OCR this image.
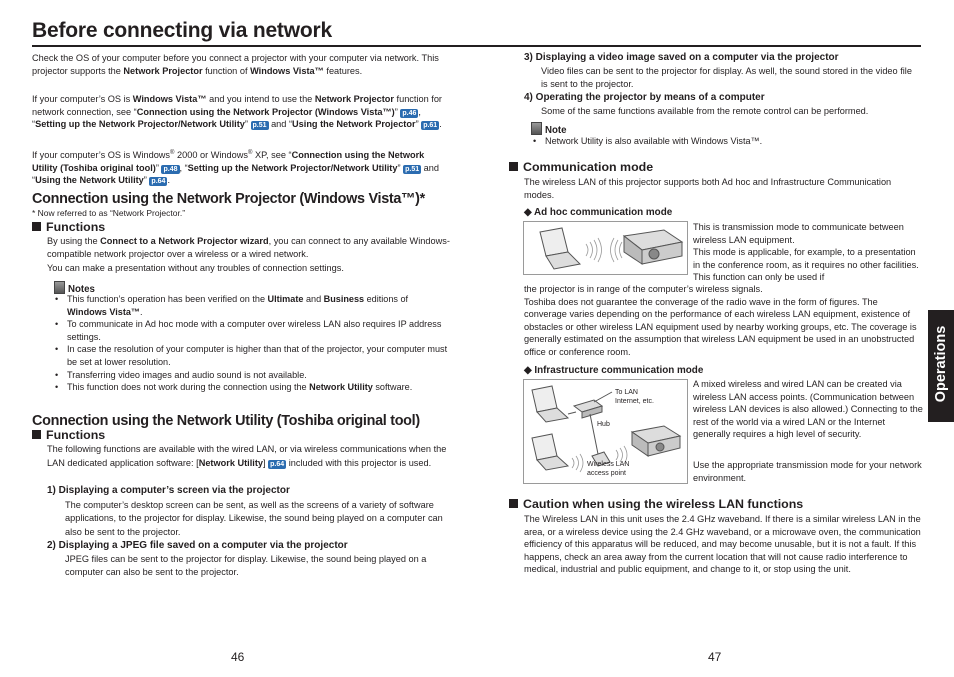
Before connecting via network
Check the OS of your computer before you connect a projector with your computer via network. This projector supports the Network Projector function of Windows Vista™ features.
If your computer’s OS is Windows Vista™ and you intend to use the Network Projector function for network connection, see “Connection using the Network Projector (Windows Vista™)” p.46 , “Setting up the Network Projector/Network Utility” p.51 and “Using the Network Projector” p.61 .
If your computer’s OS is Windows® 2000 or Windows® XP, see “Connection using the Network Utility (Toshiba original tool)” p.48 , “Setting up the Network Projector/Network Utility” p.51 and “Using the Network Utility” p.64 .
Connection using the Network Projector (Windows Vista™)*
* Now referred to as “Network Projector.”
Functions
By using the Connect to a Network Projector wizard, you can connect to any available Windows-compatible network projector over a wireless or a wired network.
You can make a presentation without any troubles of connection settings.
Notes
• This function’s operation has been verified on the Ultimate and Business editions of Windows Vista™.
• To communicate in Ad hoc mode with a computer over wireless LAN also requires IP address settings.
• In case the resolution of your computer is higher than that of the projector, your computer must be set at lower resolution.
• Transferring video images and audio sound is not available.
• This function does not work during the connection using the Network Utility software.
Connection using the Network Utility (Toshiba original tool)
Functions
The following functions are available with the wired LAN, or via wireless communications when the LAN dedicated application software: [Network Utility] p.64 included with this projector is used.
1) Displaying a computer’s screen via the projector
The computer’s desktop screen can be sent, as well as the screens of a variety of software applications, to the projector for display. Likewise, the sound being played on a computer can also be sent to the projector.
2) Displaying a JPEG file saved on a computer via the projector
JPEG files can be sent to the projector for display. Likewise, the sound being played on a computer can also be sent to the projector.
46
3) Displaying a video image saved on a computer via the projector
Video files can be sent to the projector for display. As well, the sound stored in the video file is sent to the projector.
4) Operating the projector by means of a computer
Some of the same functions available from the remote control can be performed.
Note
• Network Utility is also available with Windows Vista™.
Communication mode
The wireless LAN of this projector supports both Ad hoc and Infrastructure Communication modes.
◆ Ad hoc communication mode
This is transmission mode to communicate between wireless LAN equipment.
This mode is applicable, for example, to a presentation in the conference room, as it requires no other facilities. This function can only be used if
the projector is in range of the computer’s wireless signals.
Toshiba does not guarantee the converage of the radio wave in the form of figures. The converage varies depending on the performance of each wireless LAN equipment, existence of obstacles or other wireless LAN equipment used by nearby working groups, etc. The coverage is generally estimated on the assumption that wireless LAN equipment be used in an unobstructed office or conference room.
◆ Infrastructure communication mode
To LAN
Internet, etc.
Hub
Wireless LAN
access point
A mixed wireless and wired LAN can be created via wireless LAN access points. (Communication between wireless LAN devices is also allowed.) Connecting to the rest of the world via a wired LAN or the Internet generally requires a high level of security.
Use the appropriate transmission mode for your network environment.
Caution when using the wireless LAN functions
The Wireless LAN in this unit uses the 2.4 GHz waveband. If there is a similar wireless LAN in the area, or a wireless device using the 2.4 GHz waveband, or a microwave oven, the communication efficiency of this apparatus will be reduced, and may become unusable, but it is not a fault. If this happens, check an area away from the current location that will not cause radio interference to medical, industrial and public equipment, and change to it, or stop using the unit.
47
Operations
